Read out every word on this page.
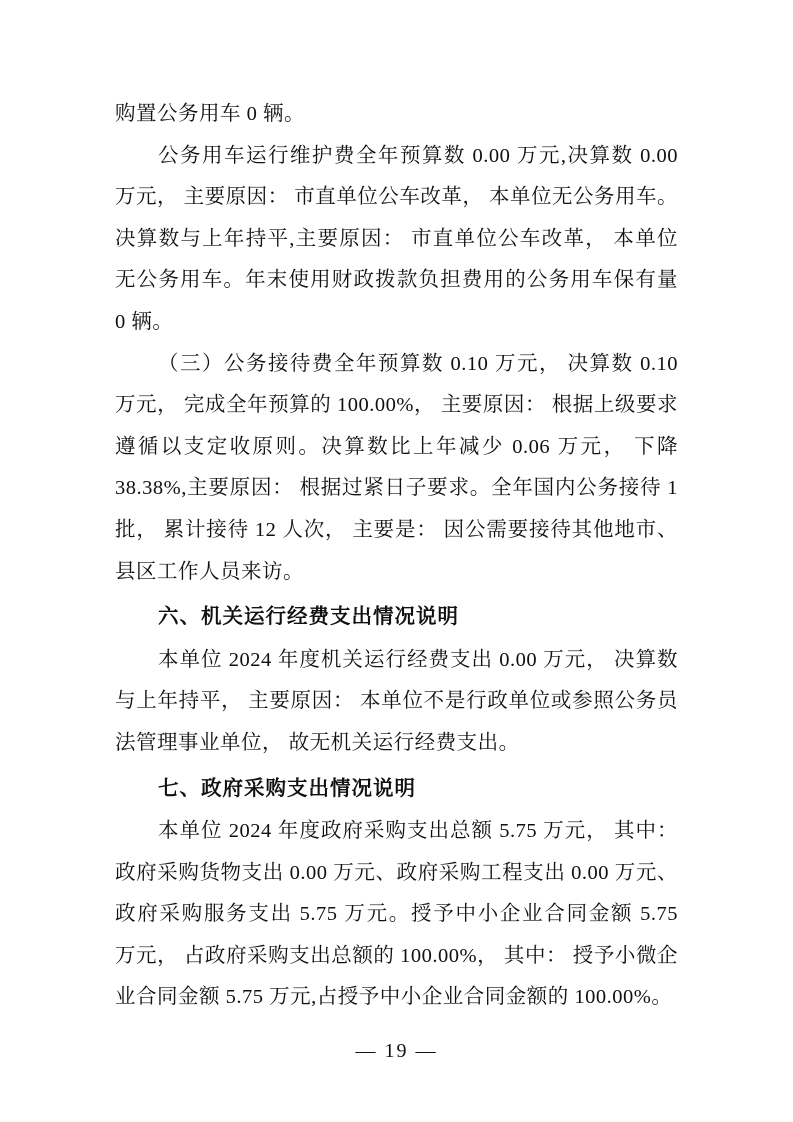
购置公务用车 0 辆。
公务用车运行维护费全年预算数 0.00 万元,决算数 0.00
万元， 主要原因： 市直单位公车改革， 本单位无公务用车。
决算数与上年持平,主要原因： 市直单位公车改革， 本单位
无公务用车。年末使用财政拨款负担费用的公务用车保有量
0 辆。
（三）公务接待费全年预算数 0.10 万元， 决算数 0.10
万元， 完成全年预算的 100.00%， 主要原因： 根据上级要求
遵循以支定收原则。决算数比上年减少 0.06 万元， 下降
38.38%,主要原因： 根据过紧日子要求。全年国内公务接待 1
批， 累计接待 12 人次， 主要是： 因公需要接待其他地市、
县区工作人员来访。
六、机关运行经费支出情况说明
本单位 2024 年度机关运行经费支出 0.00 万元， 决算数
与上年持平， 主要原因： 本单位不是行政单位或参照公务员
法管理事业单位， 故无机关运行经费支出。
七、政府采购支出情况说明
本单位 2024 年度政府采购支出总额 5.75 万元， 其中：
政府采购货物支出 0.00 万元、政府采购工程支出 0.00 万元、
政府采购服务支出 5.75 万元。授予中小企业合同金额 5.75
万元， 占政府采购支出总额的 100.00%， 其中： 授予小微企
业合同金额 5.75 万元,占授予中小企业合同金额的 100.00%。
— 19 —
